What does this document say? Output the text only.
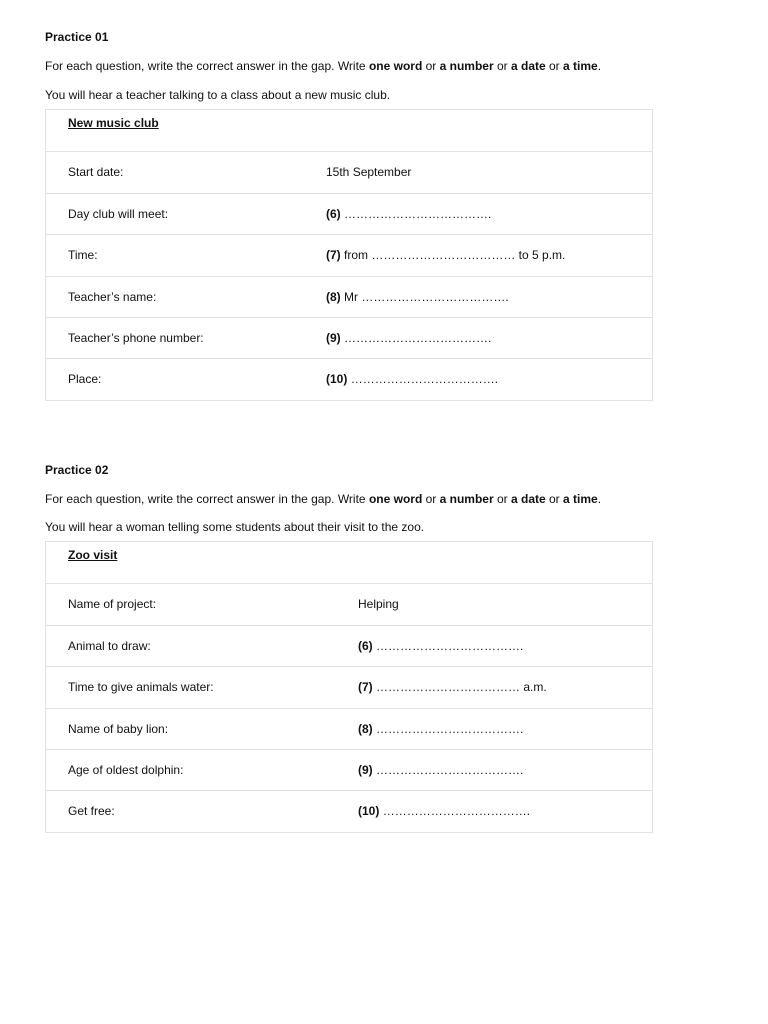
Practice 01

For each question, write the correct answer in the gap. Write one word or a number or a date or a time.

You will hear a teacher talking to a class about a new music club.

New music club
Start date:	15th September
Day club will meet:	(6) ……………………………….
Time:	(7) from ……………………………… to 5 p.m.
Teacher’s name:	(8) Mr ……………………………….
Teacher’s phone number:	(9) ……………………………….
Place:	(10) ……………………………….

Practice 02

For each question, write the correct answer in the gap. Write one word or a number or a date or a time.

You will hear a woman telling some students about their visit to the zoo.

Zoo visit
Name of project:	Helping
Animal to draw:	(6) ……………………………….
Time to give animals water:	(7) ……………………………… a.m.
Name of baby lion:	(8) ……………………………….
Age of oldest dolphin:	(9) ……………………………….
Get free:	(10) ……………………………….
